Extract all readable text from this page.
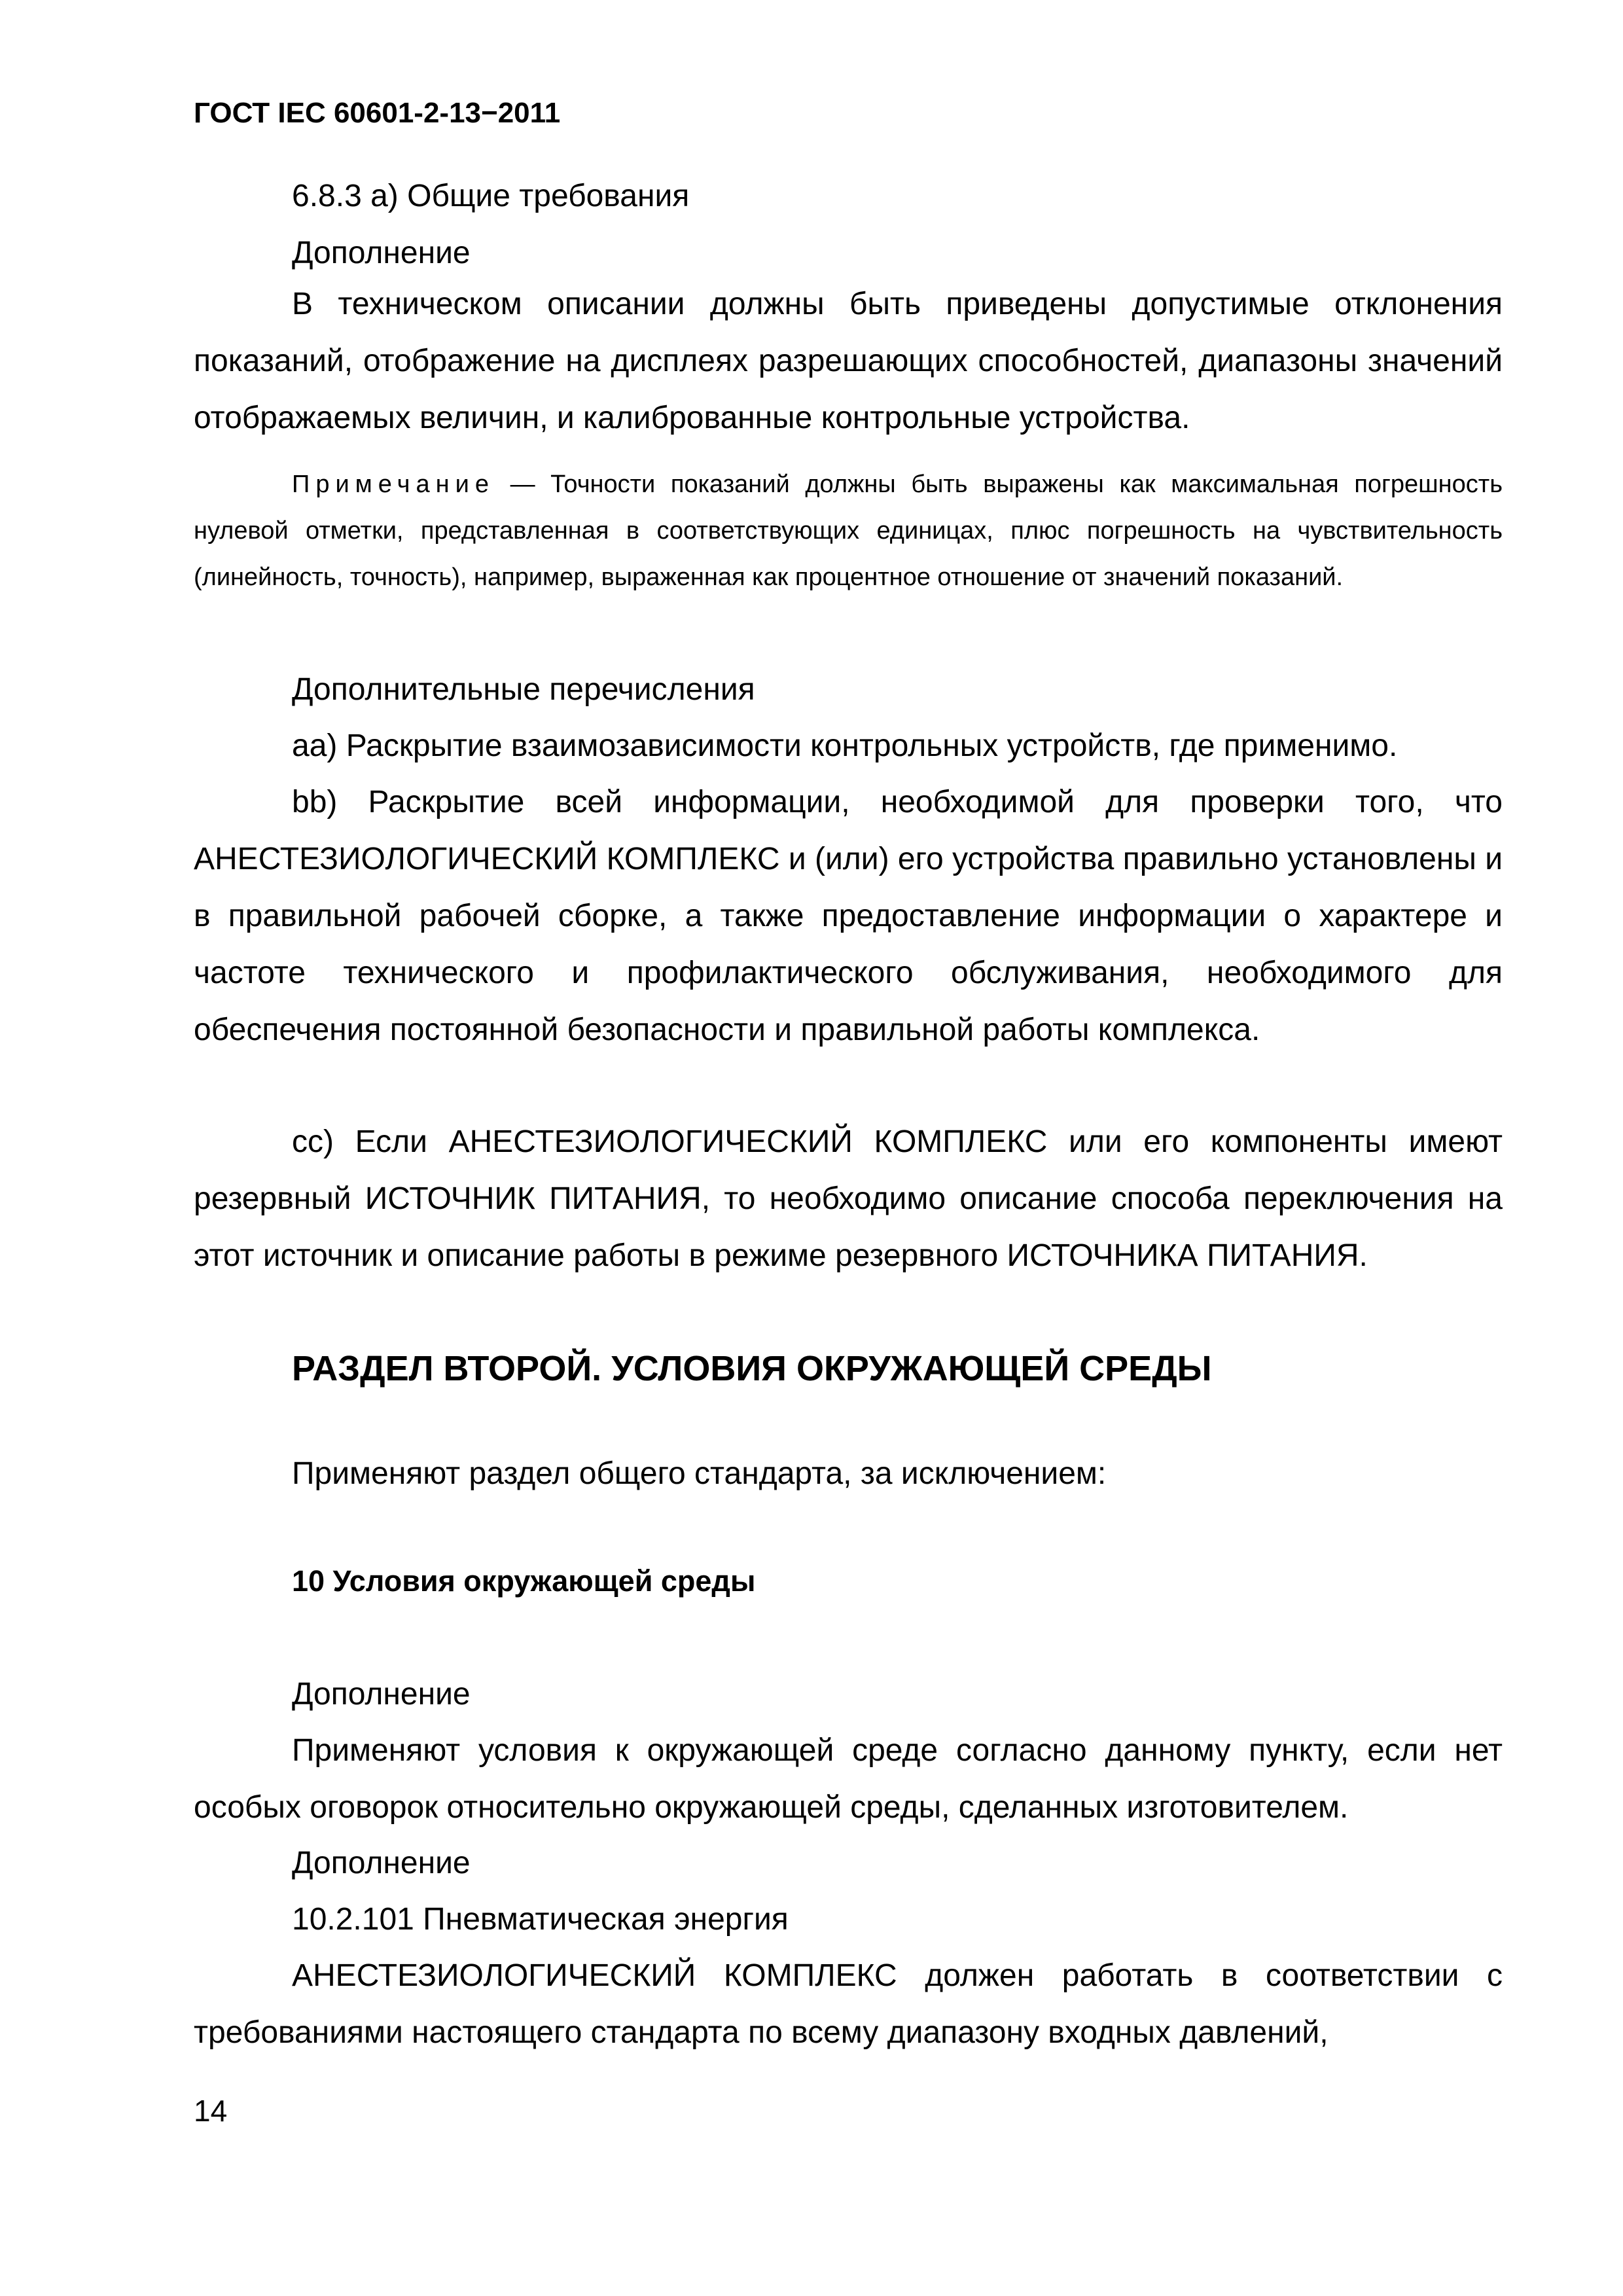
ГОСТ IEC 60601-2-13−2011

6.8.3 a) Общие требования

Дополнение

В техническом описании должны быть приведены допустимые отклонения показаний, отображение на дисплеях разрешающих способностей, диапазоны значений отображаемых величин, и калиброванные контрольные устройства.

Примечание — Точности показаний должны быть выражены как максимальная погрешность нулевой отметки, представленная в соответствующих единицах, плюс погрешность на чувствительность (линейность, точность), например, выраженная как процентное отношение от значений показаний.

Дополнительные перечисления

аа) Раскрытие взаимозависимости контрольных устройств, где применимо.

bb) Раскрытие всей информации, необходимой для проверки того, что АНЕСТЕЗИОЛОГИЧЕСКИЙ КОМПЛЕКС и (или) его устройства правильно установлены и в правильной рабочей сборке, а также предоставление информации о характере и частоте технического и профилактического обслуживания, необходимого для обеспечения постоянной безопасности и правильной работы комплекса.

cc) Если АНЕСТЕЗИОЛОГИЧЕСКИЙ КОМПЛЕКС или его компоненты имеют резервный ИСТОЧНИК ПИТАНИЯ, то необходимо описание способа переключения на этот источник и описание работы в режиме резервного ИСТОЧНИКА ПИТАНИЯ.

РАЗДЕЛ ВТОРОЙ. УСЛОВИЯ ОКРУЖАЮЩЕЙ СРЕДЫ

Применяют раздел общего стандарта, за исключением:

10 Условия окружающей среды

Дополнение

Применяют условия к окружающей среде согласно данному пункту, если нет особых оговорок относительно окружающей среды, сделанных изготовителем.

Дополнение

10.2.101 Пневматическая энергия

АНЕСТЕЗИОЛОГИЧЕСКИЙ КОМПЛЕКС должен работать в соответствии с требованиями настоящего стандарта по всему диапазону входных давлений,

14
